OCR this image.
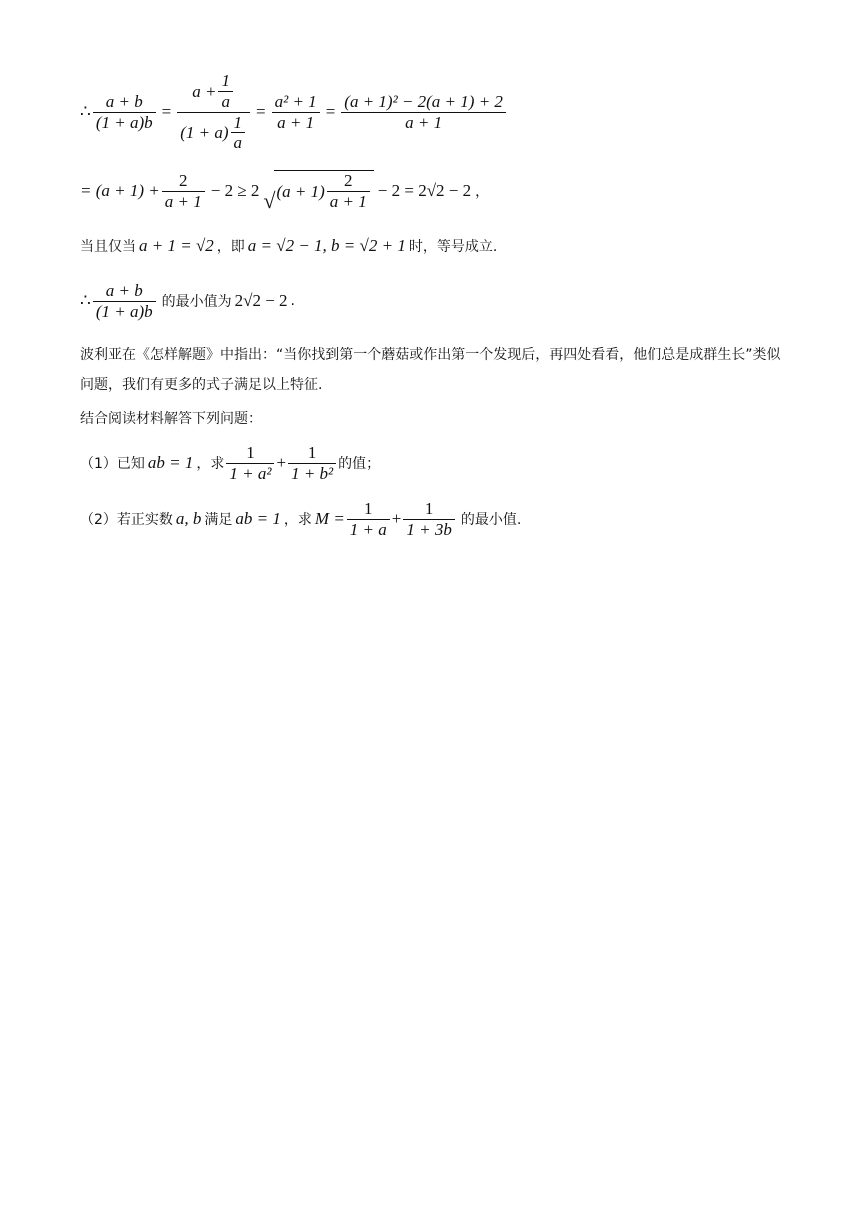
∴ $\frac{a + b}{(1 + a)b} = \frac{a + \frac{1}{a}}{(1 + a) \frac{1}{a}} = \frac{\text{a² + 1}}{a + 1} = \frac{\text{(a + 1)² − 2(a + 1) + 2}}{a + 1}$
= $(a + 1) + \frac{2}{a + 1} - 2 \ge 2$ √ $(a + 1) \frac{2}{a + 1} - 2 = 2√2 - 2$ ，
当且仅当 a + 1 = √2 ，即 a = √2 − 1, b = √2 + 1 时，等号成立.
∴ $\frac{a + b}{(1 + a)b}$ 的最小值为 2√2 − 2 .
波利亚在《怎样解题》中指出：“当你找到第一个蘑菇或作出第一个发现后，再四处看看，他们总是成群生长”类似问题，我们有更多的式子满足以上特征.
结合阅读材料解答下列问题：
（1）已知 ab = 1 ，求 $\frac{1}{\text{1 + a²}} + \frac{1}{\text{1 + b²}}$ 的值；
（2）若正实数 a, b 满足 ab = 1 ，求 $M = \frac{1}{1 + a} + \frac{1}{1 + 3b}$ 的最小值.
